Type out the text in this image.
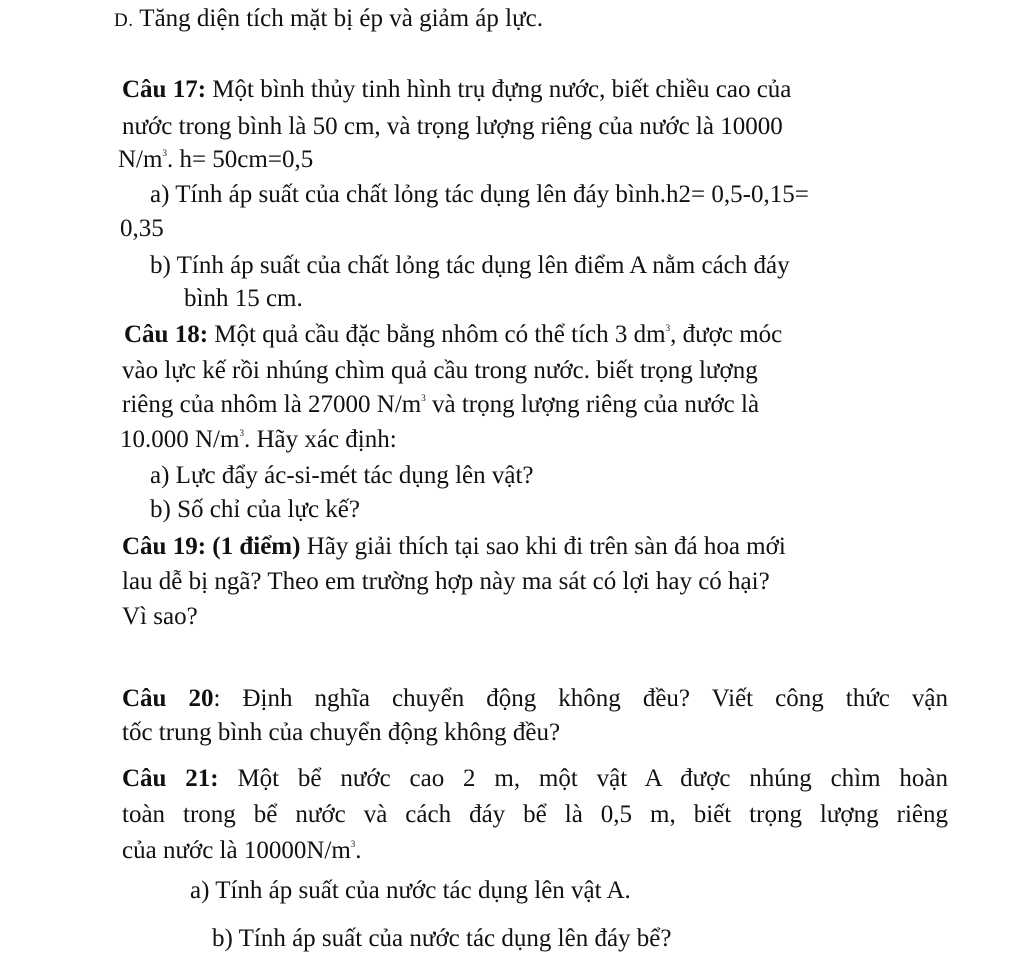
D. Tăng diện tích mặt bị ép và giảm áp lực.
Câu 17: Một bình thủy tinh hình trụ đựng nước, biết chiều cao của
nước trong bình là 50 cm, và trọng lượng riêng của nước là 10000
$N/m^3$. h= 50cm=0,5
a) Tính áp suất của chất lỏng tác dụng lên đáy bình.h2= 0,5-0,15=
0,35
b) Tính áp suất của chất lỏng tác dụng lên điểm A nằm cách đáy
bình 15 cm.
Câu 18: Một quả cầu đặc bằng nhôm có thể tích 3 $dm^3$, được móc
vào lực kế rồi nhúng chìm quả cầu trong nước. biết trọng lượng
riêng của nhôm là 27000 $N/m^3$ và trọng lượng riêng của nước là
10.000 $N/m^3$. Hãy xác định:
a) Lực đẩy ác-si-mét tác dụng lên vật?
b) Số chỉ của lực kế?
Câu 19: (1 điểm) Hãy giải thích tại sao khi đi trên sàn đá hoa mới
lau dễ bị ngã? Theo em trường hợp này ma sát có lợi hay có hại?
Vì sao?
Câu 20: Định nghĩa chuyển động không đều? Viết công thức vận
tốc trung bình của chuyển động không đều?
Câu 21: Một bể nước cao 2 m, một vật A được nhúng chìm hoàn
toàn trong bể nước và cách đáy bể là 0,5 m, biết trọng lượng riêng
của nước là $10000N/m^3$.
a) Tính áp suất của nước tác dụng lên vật A.
b) Tính áp suất của nước tác dụng lên đáy bể?
